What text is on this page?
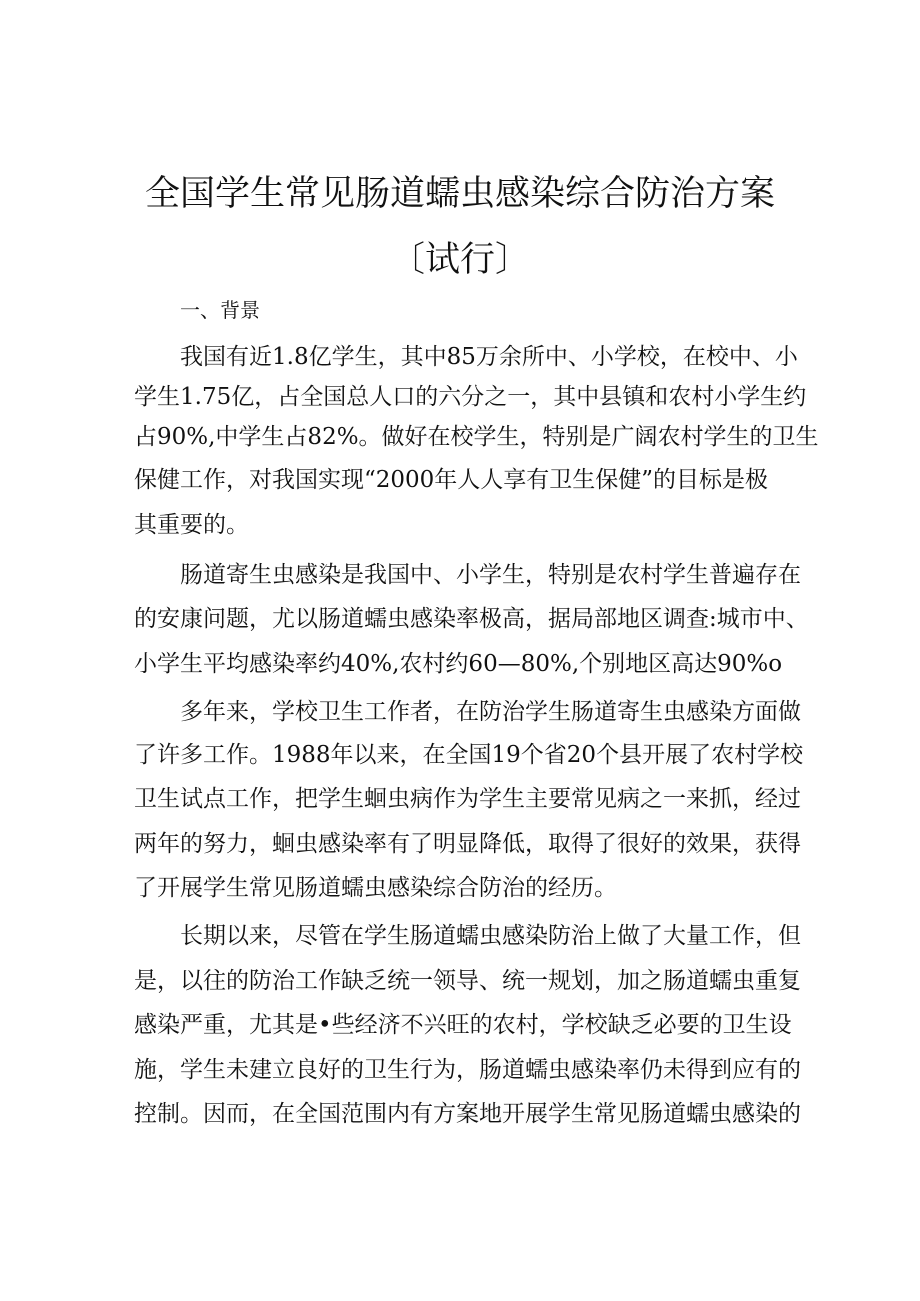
全国学生常见肠道蠕虫感染综合防治方案
〔试行〕
一、背景
我国有近1.8亿学生，其中85万余所中、小学校，在校中、小
学生1.75亿，占全国总人口的六分之一，其中县镇和农村小学生约
占90%,中学生占82%。做好在校学生，特别是广阔农村学生的卫生
保健工作，对我国实现“2000年人人享有卫生保健”的目标是极
其重要的。
肠道寄生虫感染是我国中、小学生，特别是农村学生普遍存在
的安康问题，尤以肠道蠕虫感染率极高，据局部地区调查:城市中、
小学生平均感染率约40%,农村约60—80%,个别地区高达90%o
多年来，学校卫生工作者，在防治学生肠道寄生虫感染方面做
了许多工作。1988年以来，在全国19个省20个县开展了农村学校
卫生试点工作，把学生蛔虫病作为学生主要常见病之一来抓，经过
两年的努力，蛔虫感染率有了明显降低，取得了很好的效果，获得
了开展学生常见肠道蠕虫感染综合防治的经历。
长期以来，尽管在学生肠道蠕虫感染防治上做了大量工作，但
是，以往的防治工作缺乏统一领导、统一规划，加之肠道蠕虫重复
感染严重，尤其是•些经济不兴旺的农村，学校缺乏必要的卫生设
施，学生未建立良好的卫生行为，肠道蠕虫感染率仍未得到应有的
控制。因而，在全国范围内有方案地开展学生常见肠道蠕虫感染的
